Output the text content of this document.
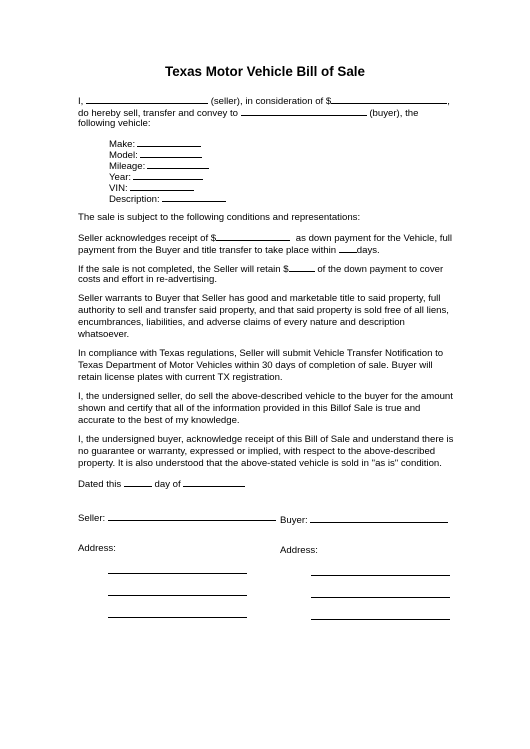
Texas Motor Vehicle Bill of Sale
I,	(seller), in consideration of $	,
do hereby sell, transfer and convey to	(buyer), the
following vehicle:
Make:
Model:
Mileage:
Year:
VIN:
Description:
The sale is subject to the following conditions and representations:
Seller acknowledges receipt of $	as down payment for the Vehicle, full
payment from the Buyer and title transfer to take place within days.
If the sale is not completed, the Seller will retain $	of the down payment to cover
costs and effort in re-advertising.
Seller warrants to Buyer that Seller has good and marketable title to said property, full
authority to sell and transfer said property, and that said property is sold free of all liens,
encumbrances, liabilities, and adverse claims of every nature and description
whatsoever.
In compliance with Texas regulations, Seller will submit Vehicle Transfer Notification to
Texas Department of Motor Vehicles within 30 days of completion of sale. Buyer will
retain license plates with current TX registration.
I, the undersigned seller, do sell the above-described vehicle to the buyer for the amount
shown and certify that all of the information provided in this Billof Sale is true and
accurate to the best of my knowledge.
I, the undersigned buyer, acknowledge receipt of this Bill of Sale and understand there is
no guarantee or warranty, expressed or implied, with respect to the above-described
property. It is also understood that the above-stated vehicle is sold in "as is" condition.
Dated this	day of
Seller:	Buyer:
Address:	Address:
